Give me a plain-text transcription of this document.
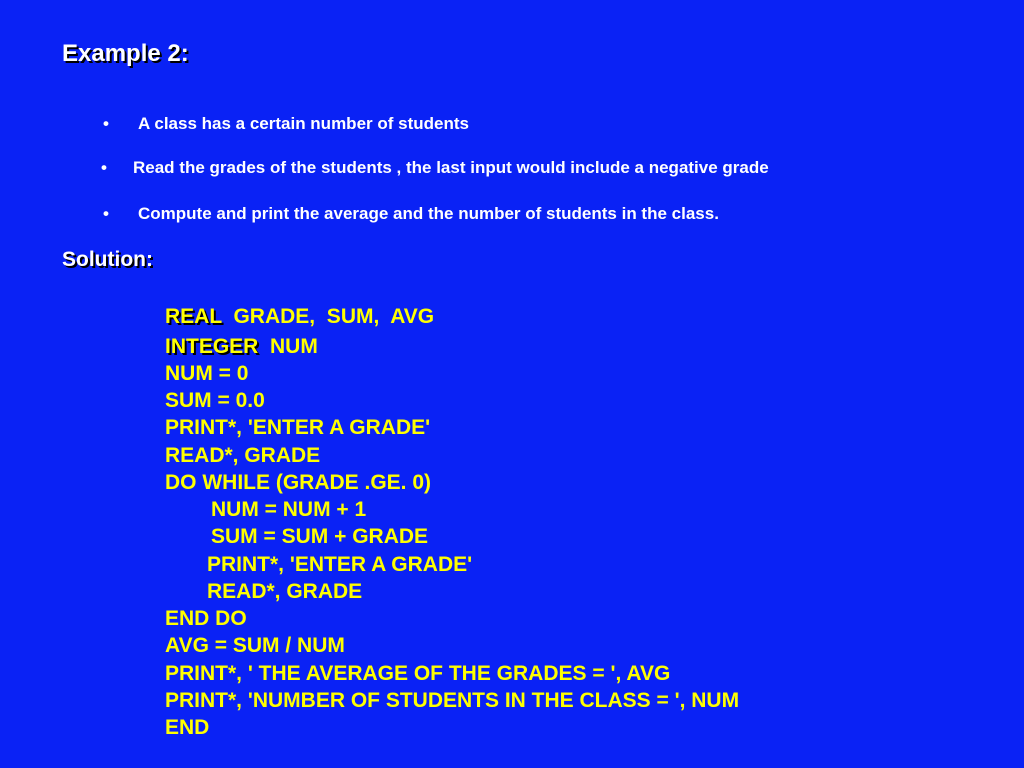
Example 2:
• A class has a certain number of students
• Read the grades of the students , the last input would include a negative grade
• Compute and print the average and the number of students in the class.
Solution:
REAL  GRADE,  SUM,  AVG
INTEGER  NUM
NUM = 0
SUM = 0.0
PRINT*, 'ENTER A GRADE'
READ*, GRADE
DO WHILE (GRADE .GE. 0)
NUM = NUM + 1
SUM = SUM + GRADE
PRINT*, 'ENTER A GRADE'
READ*, GRADE
END DO
AVG = SUM / NUM
PRINT*, ' THE AVERAGE OF THE GRADES = ', AVG
PRINT*, 'NUMBER OF STUDENTS IN THE CLASS = ', NUM
END
